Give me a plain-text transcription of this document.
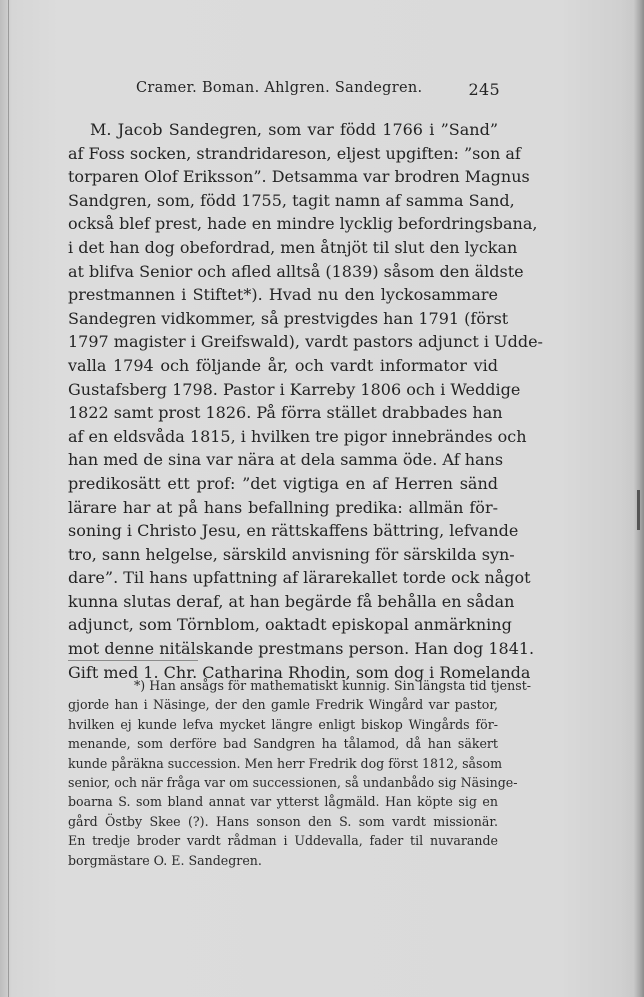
Cramer. Boman. Ahlgren. Sandegren.	245
M. Jacob Sandegren, som var född 1766 i ”Sand”
af Foss socken, strandridareson, eljest upgiften: ”son af
torparen Olof Eriksson”. Detsamma var brodren Magnus
Sandgren, som, född 1755, tagit namn af samma Sand,
också blef prest, hade en mindre lycklig befordringsbana,
i det han dog obefordrad, men åtnjöt til slut den lyckan
at blifva Senior och afled alltså (1839) såsom den äldste
prestmannen i Stiftet*). Hvad nu den lyckosammare
Sandegren vidkommer, så prestvigdes han 1791 (först
1797 magister i Greifswald), vardt pastors adjunct i Udde-
valla 1794 och följande år, och vardt informator vid
Gustafsberg 1798. Pastor i Karreby 1806 och i Weddige
1822 samt prost 1826. På förra stället drabbades han
af en eldsvåda 1815, i hvilken tre pigor innebrändes och
han med de sina var nära at dela samma öde. Af hans
predikosätt ett prof: ”det vigtiga en af Herren sänd
lärare har at på hans befallning predika: allmän för-
soning i Christo Jesu, en rättskaffens bättring, lefvande
tro, sann helgelse, särskild anvisning för särskilda syn-
dare”. Til hans upfattning af lärarekallet torde ock något
kunna slutas deraf, at han begärde få behålla en sådan
adjunct, som Törnblom, oaktadt episkopal anmärkning
mot denne nitälskande prestmans person. Han dog 1841.
Gift med 1. Chr. Catharina Rhodin, som dog i Romelanda
*) Han ansågs för mathematiskt kunnig. Sin längsta tid tjenst-
gjorde han i Näsinge, der den gamle Fredrik Wingård var pastor,
hvilken ej kunde lefva mycket längre enligt biskop Wingårds för-
menande, som derföre bad Sandgren ha tålamod, då han säkert
kunde påräkna succession. Men herr Fredrik dog först 1812, såsom
senior, och när fråga var om successionen, så undanbådo sig Näsinge-
boarna S. som bland annat var ytterst lågmäld. Han köpte sig en
gård Östby Skee (?). Hans sonson den S. som vardt missionär.
En tredje broder vardt rådman i Uddevalla, fader til nuvarande
borgmästare O. E. Sandegren.
